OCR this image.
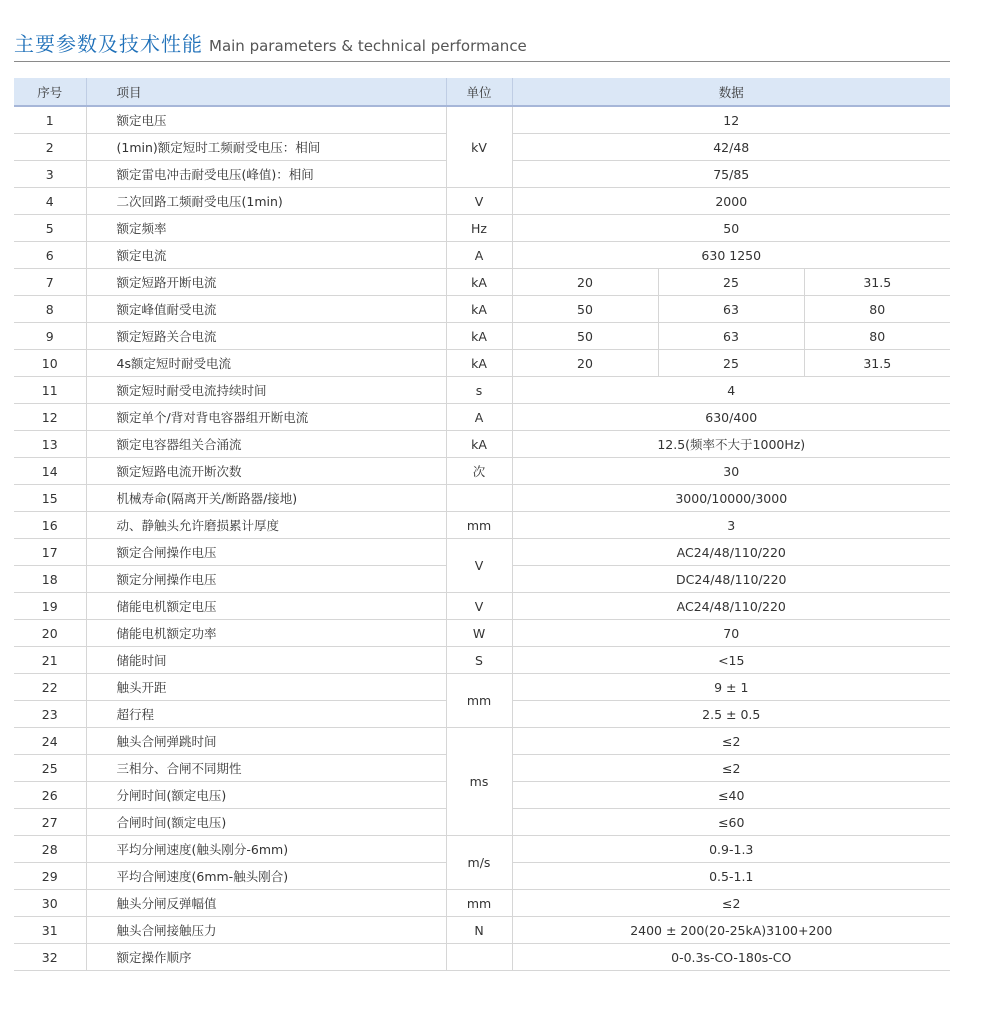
主要参数及技术性能 Main parameters & technical performance
序号	项目	单位	数据		
1	额定电压	kV	12		
2	(1min)额定短时工频耐受电压：相间		42/48		
3	额定雷电冲击耐受电压(峰值)：相间		75/85		
4	二次回路工频耐受电压(1min)	V	2000		
5	额定频率	Hz	50		
6	额定电流	A	630 1250		
7	额定短路开断电流	kA	20	25	31.5
8	额定峰值耐受电流	kA	50	63	80
9	额定短路关合电流	kA	50	63	80
10	4s额定短时耐受电流	kA	20	25	31.5
11	额定短时耐受电流持续时间	s	4		
12	额定单个/背对背电容器组开断电流	A	630/400		
13	额定电容器组关合涌流	kA	12.5(频率不大于1000Hz)		
14	额定短路电流开断次数	次	30		
15	机械寿命(隔离开关/断路器/接地)		3000/10000/3000		
16	动、静触头允许磨损累计厚度	mm	3		
17	额定合闸操作电压	V	AC24/48/110/220		
18	额定分闸操作电压		DC24/48/110/220		
19	储能电机额定电压	V	AC24/48/110/220		
20	储能电机额定功率	W	70		
21	储能时间	S	<15		
22	触头开距	mm	9 ± 1		
23	超行程		2.5 ± 0.5		
24	触头合闸弹跳时间	ms	≤2		
25	三相分、合闸不同期性		≤2		
26	分闸时间(额定电压)		≤40		
27	合闸时间(额定电压)		≤60		
28	平均分闸速度(触头刚分-6mm)	m/s	0.9-1.3		
29	平均合闸速度(6mm-触头刚合)		0.5-1.1		
30	触头分闸反弹幅值	mm	≤2		
31	触头合闸接触压力	N	2400 ± 200(20-25kA)3100+200		
32	额定操作顺序		0-0.3s-CO-180s-CO		
